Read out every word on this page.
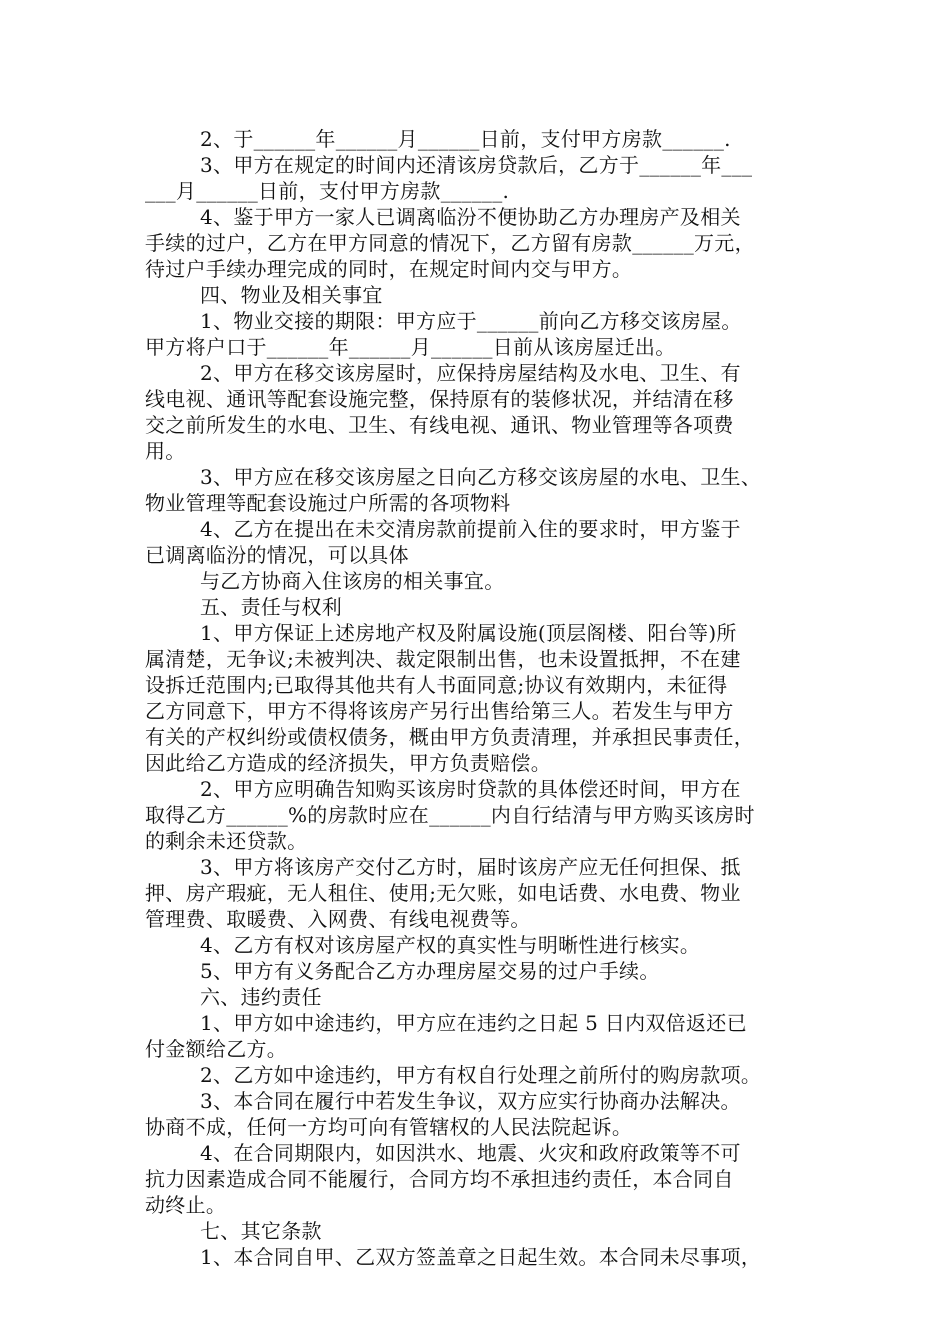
2、于______年______月______日前，支付甲方房款______.

3、甲方在规定的时间内还清该房贷款后，乙方于______年___

___月______日前，支付甲方房款______.

4、鉴于甲方一家人已调离临汾不便协助乙方办理房产及相关

手续的过户，乙方在甲方同意的情况下，乙方留有房款______万元，

待过户手续办理完成的同时，在规定时间内交与甲方。

四、物业及相关事宜

1、物业交接的期限：甲方应于______前向乙方移交该房屋。

甲方将户口于______年______月______日前从该房屋迁出。

2、甲方在移交该房屋时，应保持房屋结构及水电、卫生、有

线电视、通讯等配套设施完整，保持原有的装修状况，并结清在移

交之前所发生的水电、卫生、有线电视、通讯、物业管理等各项费

用。

3、甲方应在移交该房屋之日向乙方移交该房屋的水电、卫生、

物业管理等配套设施过户所需的各项物料

4、乙方在提出在未交清房款前提前入住的要求时，甲方鉴于

已调离临汾的情况，可以具体

与乙方协商入住该房的相关事宜。

五、责任与权利

1、甲方保证上述房地产权及附属设施(顶层阁楼、阳台等)所

属清楚，无争议;未被判决、裁定限制出售，也未设置抵押，不在建

设拆迁范围内;已取得其他共有人书面同意;协议有效期内，未征得

乙方同意下，甲方不得将该房产另行出售给第三人。若发生与甲方

有关的产权纠纷或债权债务，概由甲方负责清理，并承担民事责任，

因此给乙方造成的经济损失，甲方负责赔偿。

2、甲方应明确告知购买该房时贷款的具体偿还时间，甲方在

取得乙方______%的房款时应在______内自行结清与甲方购买该房时

的剩余未还贷款。

3、甲方将该房产交付乙方时，届时该房产应无任何担保、抵

押、房产瑕疵，无人租住、使用;无欠账，如电话费、水电费、物业

管理费、取暖费、入网费、有线电视费等。

4、乙方有权对该房屋产权的真实性与明晰性进行核实。

5、甲方有义务配合乙方办理房屋交易的过户手续。

六、违约责任

1、甲方如中途违约，甲方应在违约之日起 5 日内双倍返还已

付金额给乙方。

2、乙方如中途违约，甲方有权自行处理之前所付的购房款项。

3、本合同在履行中若发生争议，双方应实行协商办法解决。

协商不成，任何一方均可向有管辖权的人民法院起诉。

4、在合同期限内，如因洪水、地震、火灾和政府政策等不可

抗力因素造成合同不能履行，合同方均不承担违约责任，本合同自

动终止。

七、其它条款

1、本合同自甲、乙双方签盖章之日起生效。本合同未尽事项，
